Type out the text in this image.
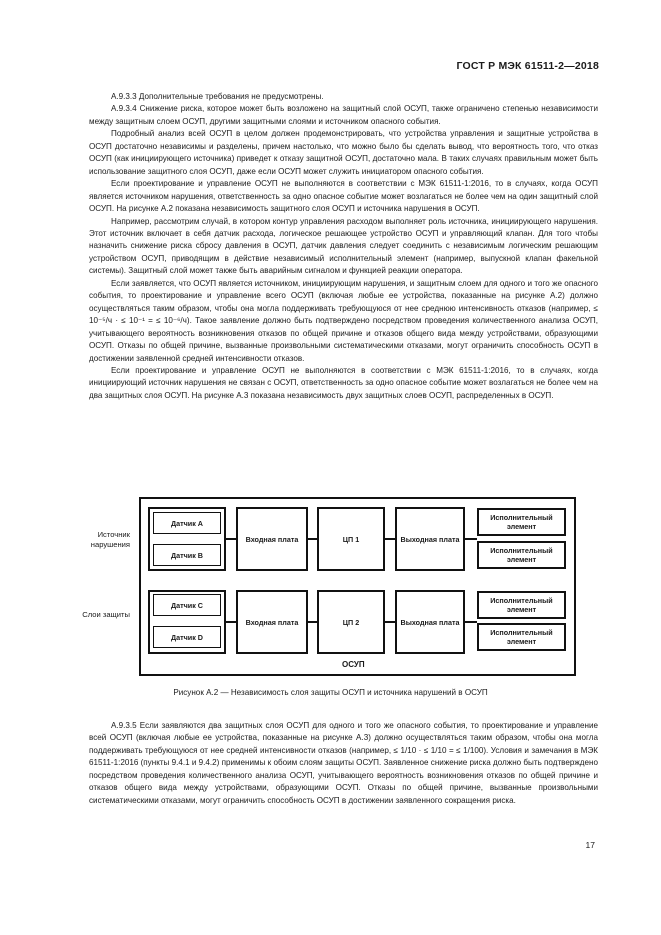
ГОСТ Р МЭК 61511-2—2018

А.9.3.3 Дополнительные требования не предусмотрены.

А.9.3.4 Снижение риска, которое может быть возложено на защитный слой ОСУП, также ограничено степенью независимости между защитным слоем ОСУП, другими защитными слоями и источником опасного события.

Подробный анализ всей ОСУП в целом должен продемонстрировать, что устройства управления и защитные устройства в ОСУП достаточно независимы и разделены, причем настолько, что можно было бы сделать вывод, что вероятность того, что отказ ОСУП (как инициирующего источника) приведет к отказу защитной ОСУП, достаточно мала. В таких случаях правильным может быть использование защитного слоя ОСУП, даже если ОСУП может служить инициатором опасного события.

Если проектирование и управление ОСУП не выполняются в соответствии с МЭК 61511-1:2016, то в случаях, когда ОСУП является источником нарушения, ответственность за одно опасное событие может возлагаться не более чем на один защитный слой ОСУП. На рисунке А.2 показана независимость защитного слоя ОСУП и источника нарушения в ОСУП.

Например, рассмотрим случай, в котором контур управления расходом выполняет роль источника, инициирующего нарушения. Этот источник включает в себя датчик расхода, логическое решающее устройство ОСУП и управляющий клапан. Для того чтобы назначить снижение риска сбросу давления в ОСУП, датчик давления следует соединить с независимым логическим решающим устройством ОСУП, приводящим в действие независимый исполнительный элемент (например, выпускной клапан факельной системы). Защитный слой может также быть аварийным сигналом и функцией реакции оператора.

Если заявляется, что ОСУП является источником, инициирующим нарушения, и защитным слоем для одного и того же опасного события, то проектирование и управление всего ОСУП (включая любые ее устройства, показанные на рисунке А.2) должно осуществляться таким образом, чтобы она могла поддерживать требующуюся от нее среднюю интенсивность отказов (например, ≤ 10⁻⁵/ч · ≤ 10⁻¹ = ≤ 10⁻⁶/ч). Такое заявление должно быть подтверждено посредством проведения количественного анализа ОСУП, учитывающего вероятность возникновения отказов по общей причине и отказов общего вида между устройствами, образующими ОСУП. Отказы по общей причине, вызванные произвольными систематическими отказами, могут ограничить способность ОСУП в достижении заявленной средней интенсивности отказов.

Если проектирование и управление ОСУП не выполняются в соответствии с МЭК 61511-1:2016, то в случаях, когда инициирующий источник нарушения не связан с ОСУП, ответственность за одно опасное событие может возлагаться не более чем на два защитных слоя ОСУП. На рисунке А.3 показана независимость двух защитных слоев ОСУП, распределенных в ОСУП.

ОСУП
Источник нарушения
Слои защиты
Датчик А
Датчик В
Входная плата	ЦП 1	Выходная плата
Исполнительный элемент
Исполнительный элемент
Датчик С
Датчик D
Входная плата	ЦП 2	Выходная плата
Исполнительный элемент
Исполнительный элемент
Рисунок А.2 — Независимость слоя защиты ОСУП и источника нарушений в ОСУП

А.9.3.5 Если заявляются два защитных слоя ОСУП для одного и того же опасного события, то проектирование и управление всей ОСУП (включая любые ее устройства, показанные на рисунке А.3) должно осуществляться таким образом, чтобы она могла поддерживать требующуюся от нее средней интенсивности отказов (например, ≤ 1/10 · ≤ 1/10 = ≤ 1/100). Условия и замечания в МЭК 61511-1:2016 (пункты 9.4.1 и 9.4.2) применимы к обоим слоям защиты ОСУП. Заявленное снижение риска должно быть подтверждено посредством проведения количественного анализа ОСУП, учитывающего вероятность возникновения отказов по общей причине и отказов общего вида между устройствами, образующими ОСУП. Отказы по общей причине, вызванные произвольными систематическими отказами, могут ограничить способность ОСУП в достижении заявленного сокращения риска.

17
